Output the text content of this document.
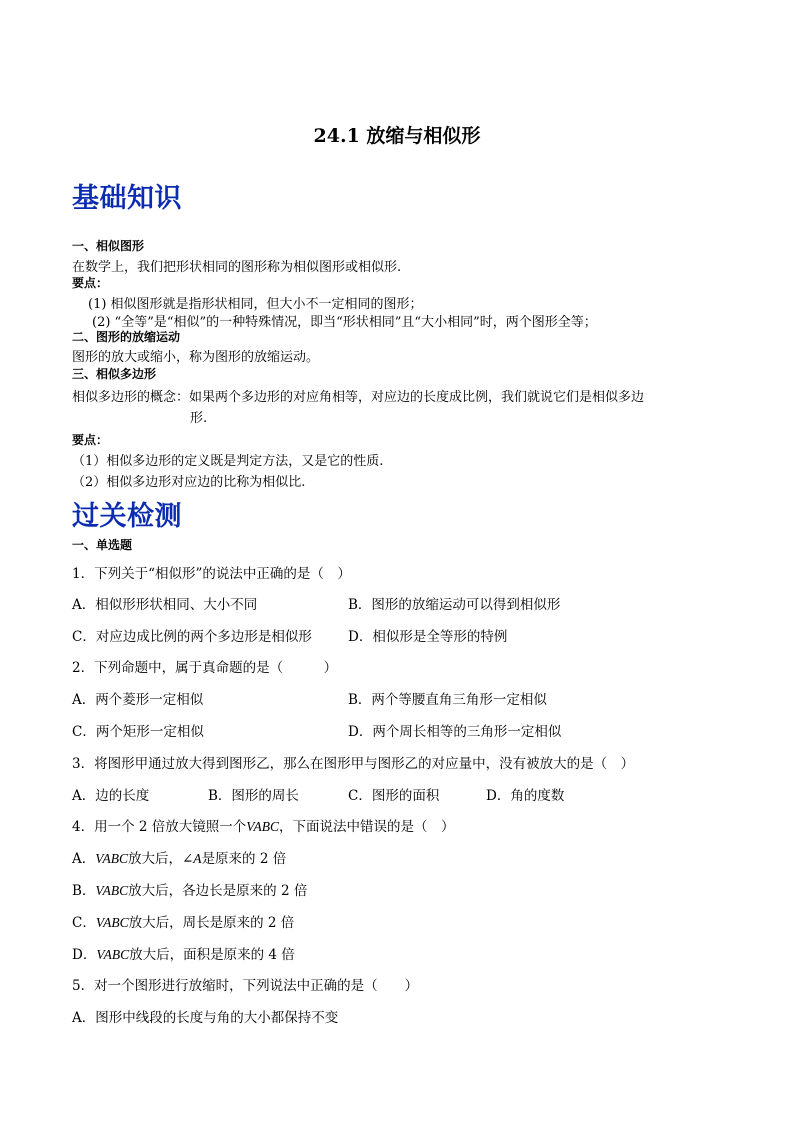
24.1 放缩与相似形
基础知识
一、相似图形
在数学上，我们把形状相同的图形称为相似图形或相似形.
要点：
(1) 相似图形就是指形状相同，但大小不一定相同的图形；
(2) “全等”是“相似”的一种特殊情况，即当“形状相同”且“大小相同”时，两个图形全等；
二、图形的放缩运动
图形的放大或缩小，称为图形的放缩运动。
三、相似多边形
相似多边形的概念：如果两个多边形的对应角相等，对应边的长度成比例，我们就说它们是相似多边
形.
要点：
（1）相似多边形的定义既是判定方法，又是它的性质.
（2）相似多边形对应边的比称为相似比.
过关检测
一、单选题
1．下列关于“相似形”的说法中正确的是（　）
A．相似形形状相同、大小不同	B．图形的放缩运动可以得到相似形
C．对应边成比例的两个多边形是相似形	D．相似形是全等形的特例
2．下列命题中，属于真命题的是（　　　）
A．两个菱形一定相似	B．两个等腰直角三角形一定相似
C．两个矩形一定相似	D．两个周长相等的三角形一定相似
3．将图形甲通过放大得到图形乙，那么在图形甲与图形乙的对应量中，没有被放大的是（　）
A．边的长度	B．图形的周长	C．图形的面积	D．角的度数
4．用一个 2 倍放大镜照一个VABC，下面说法中错误的是（　）
A．VABC放大后，∠A是原来的 2 倍
B．VABC放大后，各边长是原来的 2 倍
C．VABC放大后，周长是原来的 2 倍
D．VABC放大后，面积是原来的 4 倍
5．对一个图形进行放缩时，下列说法中正确的是（　　）
A．图形中线段的长度与角的大小都保持不变
